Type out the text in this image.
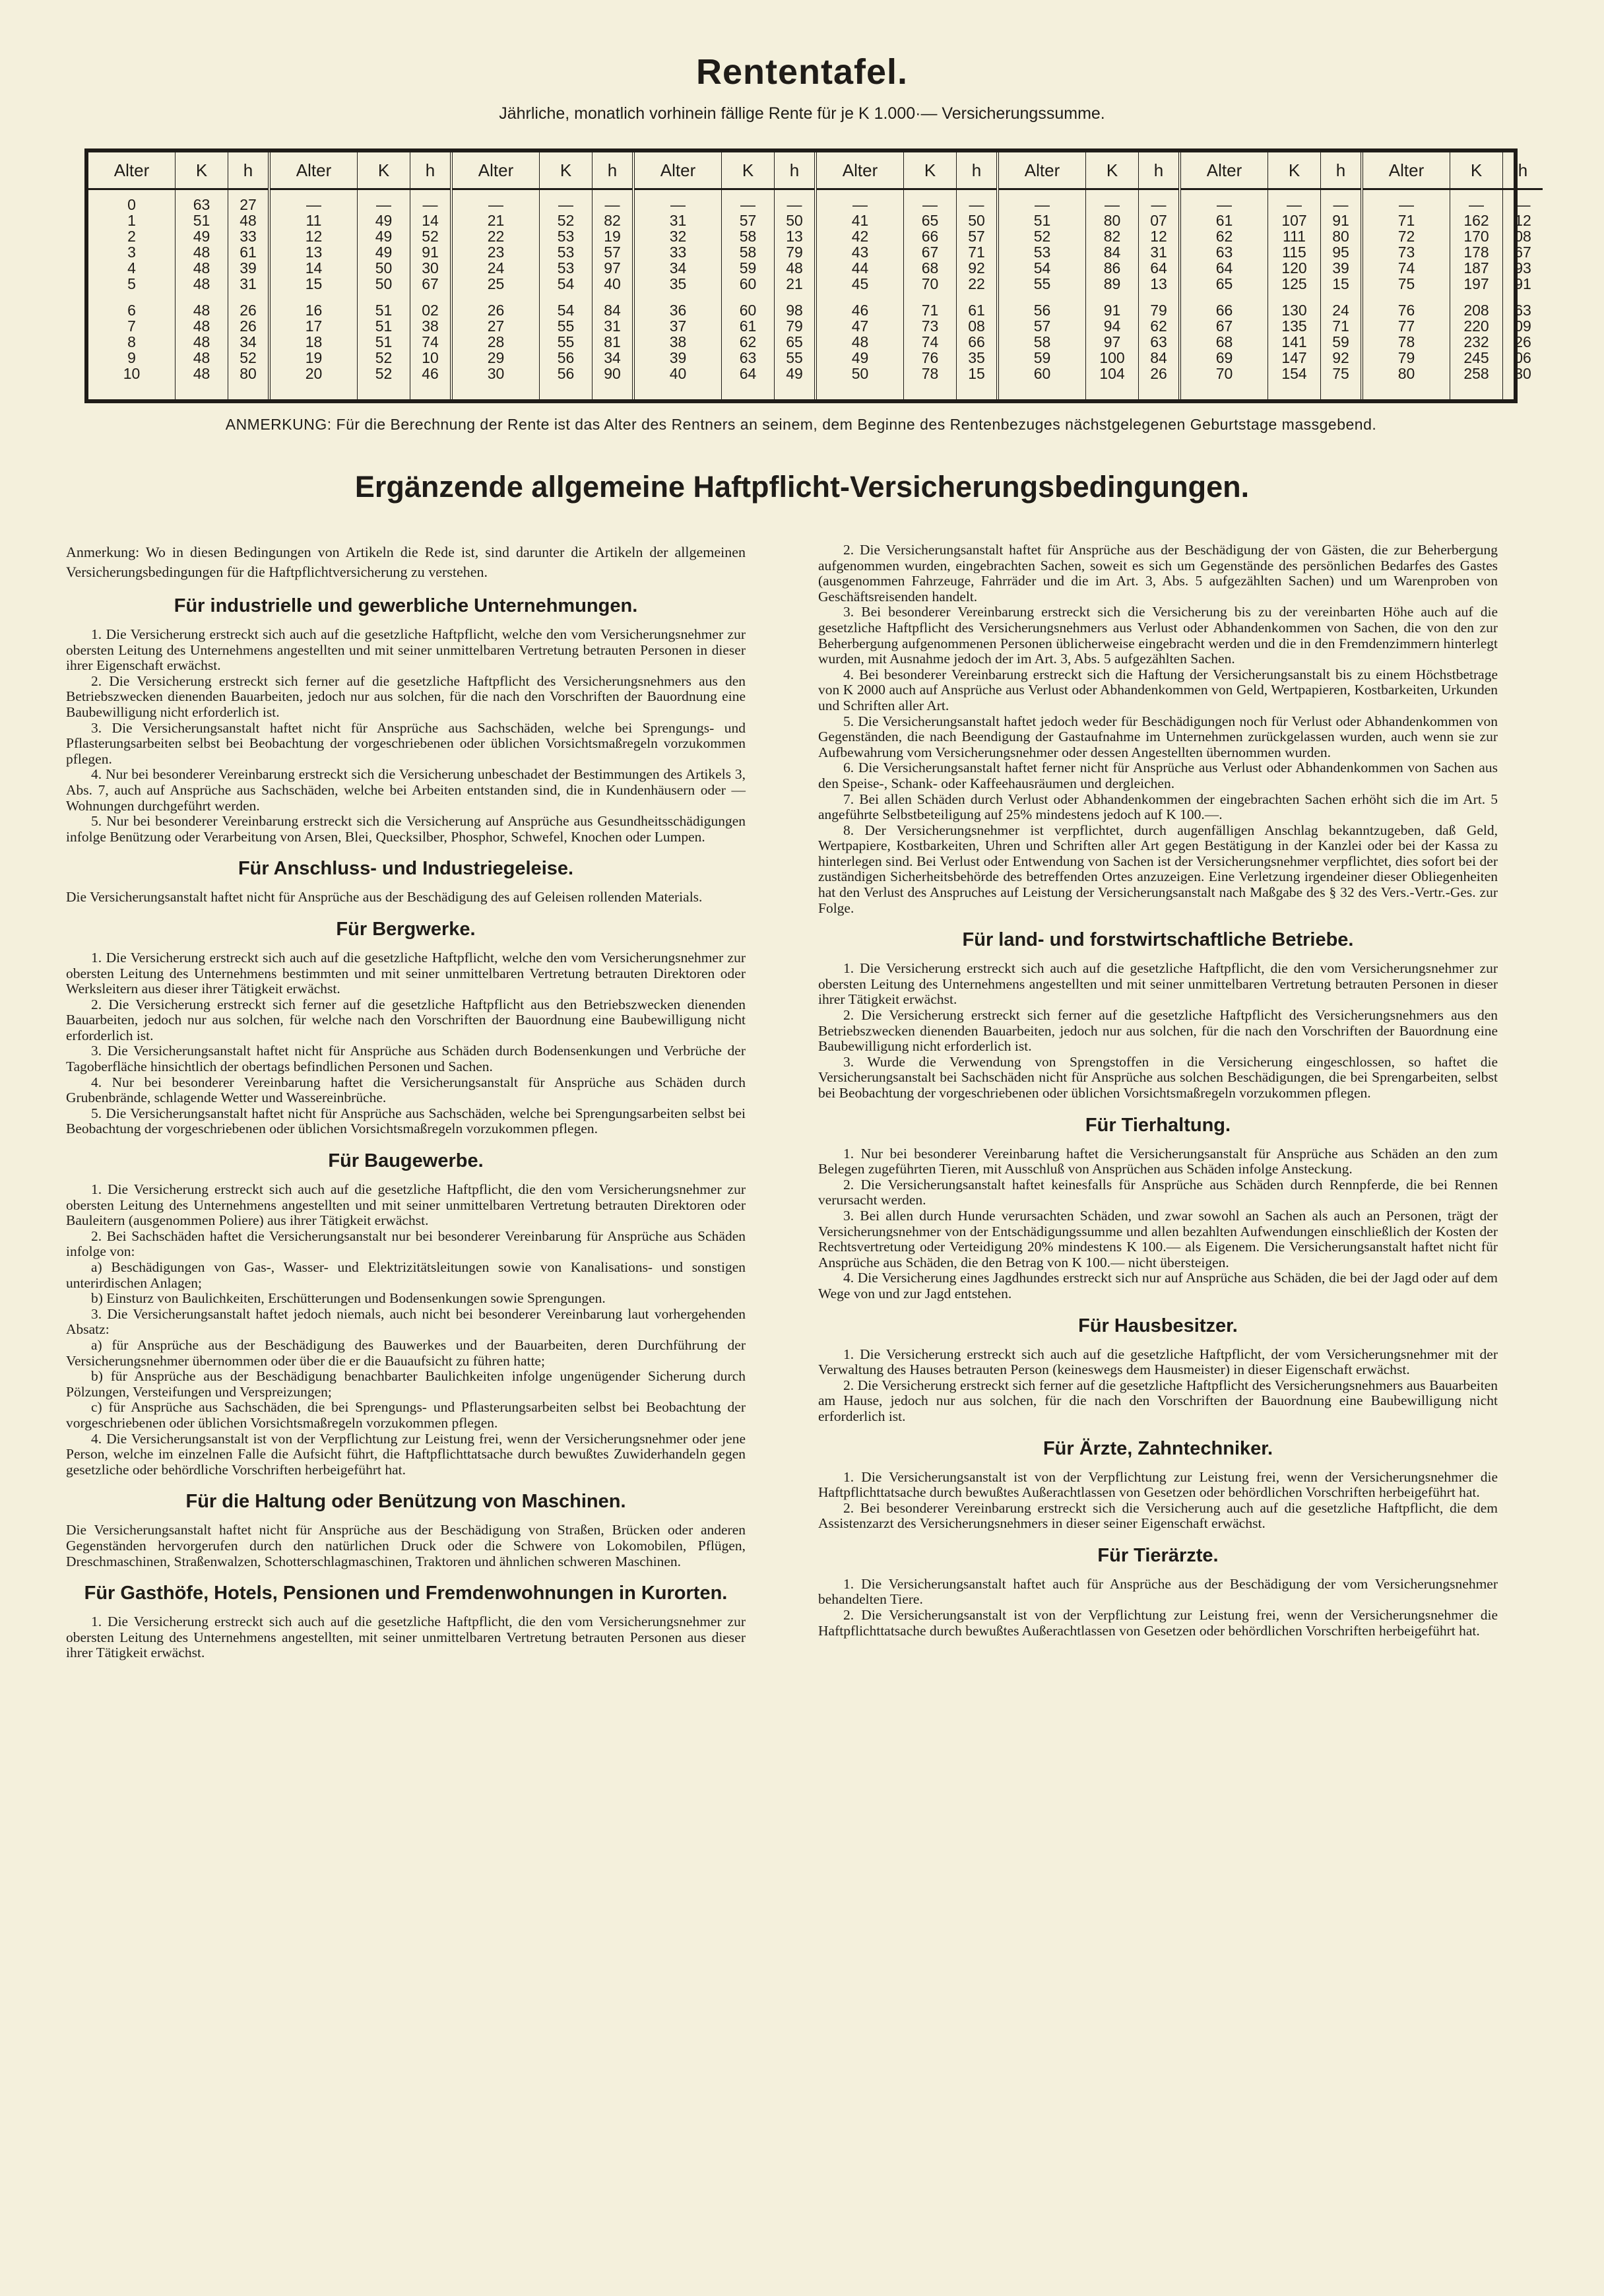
Rententafel.
Jährliche, monatlich vorhinein fällige Rente für je K 1.000·— Versicherungssumme.
Alter
0
1
2
3
4
5
6
7
8
9
10
K
63
51
49
48
48
48
48
48
48
48
48
h
27
48
33
61
39
31
26
26
34
52
80
Alter
—
11
12
13
14
15
16
17
18
19
20
K
—
49
49
49
50
50
51
51
51
52
52
h
—
14
52
91
30
67
02
38
74
10
46
Alter
—
21
22
23
24
25
26
27
28
29
30
K
—
52
53
53
53
54
54
55
55
56
56
h
—
82
19
57
97
40
84
31
81
34
90
Alter
—
31
32
33
34
35
36
37
38
39
40
K
—
57
58
58
59
60
60
61
62
63
64
h
—
50
13
79
48
21
98
79
65
55
49
Alter
—
41
42
43
44
45
46
47
48
49
50
K
—
65
66
67
68
70
71
73
74
76
78
h
—
50
57
71
92
22
61
08
66
35
15
Alter
—
51
52
53
54
55
56
57
58
59
60
K
—
80
82
84
86
89
91
94
97
100
104
h
—
07
12
31
64
13
79
62
63
84
26
Alter
—
61
62
63
64
65
66
67
68
69
70
K
—
107
111
115
120
125
130
135
141
147
154
h
—
91
80
95
39
15
24
71
59
92
75
Alter
—
71
72
73
74
75
76
77
78
79
80
K
—
162
170
178
187
197
208
220
232
245
258
h
—
12
08
67
93
91
63
09
26
06
30
ANMERKUNG: Für die Berechnung der Rente ist das Alter des Rentners an seinem, dem Beginne des Rentenbezuges nächstgelegenen Geburtstage massgebend.
Ergänzende allgemeine Haftpflicht-Versicherungsbedingungen.

Anmerkung: Wo in diesen Bedingungen von Artikeln die Rede ist, sind darunter die Artikeln der allgemeinen Versicherungsbedingungen für die Haftpflichtversicherung zu verstehen.

Für industrielle und gewerbliche Unternehmungen.

1. Die Versicherung erstreckt sich auch auf die gesetzliche Haftpflicht, welche den vom Versicherungsnehmer zur obersten Leitung des Unternehmens angestellten und mit seiner unmittelbaren Vertretung betrauten Personen in dieser ihrer Eigenschaft erwächst.

2. Die Versicherung erstreckt sich ferner auf die gesetzliche Haftpflicht des Versicherungsnehmers aus den Betriebszwecken dienenden Bauarbeiten, jedoch nur aus solchen, für die nach den Vorschriften der Bauordnung eine Baubewilligung nicht erforderlich ist.

3. Die Versicherungsanstalt haftet nicht für Ansprüche aus Sachschäden, welche bei Sprengungs- und Pflasterungsarbeiten selbst bei Beobachtung der vorgeschriebenen oder üblichen Vorsichtsmaßregeln vorzukommen pflegen.

4. Nur bei besonderer Vereinbarung erstreckt sich die Versicherung unbeschadet der Bestimmungen des Artikels 3, Abs. 7, auch auf Ansprüche aus Sachschäden, welche bei Arbeiten entstanden sind, die in Kundenhäusern oder — Wohnungen durchgeführt werden.

5. Nur bei besonderer Vereinbarung erstreckt sich die Versicherung auf Ansprüche aus Gesundheitsschädigungen infolge Benützung oder Verarbeitung von Arsen, Blei, Quecksilber, Phosphor, Schwefel, Knochen oder Lumpen.

Für Anschluss- und Industriegeleise.

Die Versicherungsanstalt haftet nicht für Ansprüche aus der Beschädigung des auf Geleisen rollenden Materials.

Für Bergwerke.

1. Die Versicherung erstreckt sich auch auf die gesetzliche Haftpflicht, welche den vom Versicherungsnehmer zur obersten Leitung des Unternehmens bestimmten und mit seiner unmittelbaren Vertretung betrauten Direktoren oder Werksleitern aus dieser ihrer Tätigkeit erwächst.

2. Die Versicherung erstreckt sich ferner auf die gesetzliche Haftpflicht aus den Betriebszwecken dienenden Bauarbeiten, jedoch nur aus solchen, für welche nach den Vorschriften der Bauordnung eine Baubewilligung nicht erforderlich ist.

3. Die Versicherungsanstalt haftet nicht für Ansprüche aus Schäden durch Bodensenkungen und Verbrüche der Tagoberfläche hinsichtlich der obertags befindlichen Personen und Sachen.

4. Nur bei besonderer Vereinbarung haftet die Versicherungsanstalt für Ansprüche aus Schäden durch Grubenbrände, schlagende Wetter und Wassereinbrüche.

5. Die Versicherungsanstalt haftet nicht für Ansprüche aus Sachschäden, welche bei Sprengungsarbeiten selbst bei Beobachtung der vorgeschriebenen oder üblichen Vorsichtsmaßregeln vorzukommen pflegen.

Für Baugewerbe.

1. Die Versicherung erstreckt sich auch auf die gesetzliche Haftpflicht, die den vom Versicherungsnehmer zur obersten Leitung des Unternehmens angestellten und mit seiner unmittelbaren Vertretung betrauten Direktoren oder Bauleitern (ausgenommen Poliere) aus ihrer Tätigkeit erwächst.

2. Bei Sachschäden haftet die Versicherungsanstalt nur bei besonderer Vereinbarung für Ansprüche aus Schäden infolge von:

a) Beschädigungen von Gas-, Wasser- und Elektrizitätsleitungen sowie von Kanalisations- und sonstigen unterirdischen Anlagen;

b) Einsturz von Baulichkeiten, Erschütterungen und Bodensenkungen sowie Sprengungen.

3. Die Versicherungsanstalt haftet jedoch niemals, auch nicht bei besonderer Vereinbarung laut vorhergehenden Absatz:

a) für Ansprüche aus der Beschädigung des Bauwerkes und der Bauarbeiten, deren Durchführung der Versicherungsnehmer übernommen oder über die er die Bauaufsicht zu führen hatte;

b) für Ansprüche aus der Beschädigung benachbarter Baulichkeiten infolge ungenügender Sicherung durch Pölzungen, Versteifungen und Verspreizungen;

c) für Ansprüche aus Sachschäden, die bei Sprengungs- und Pflasterungsarbeiten selbst bei Beobachtung der vorgeschriebenen oder üblichen Vorsichtsmaßregeln vorzukommen pflegen.

4. Die Versicherungsanstalt ist von der Verpflichtung zur Leistung frei, wenn der Versicherungsnehmer oder jene Person, welche im einzelnen Falle die Aufsicht führt, die Haftpflichttatsache durch bewußtes Zuwiderhandeln gegen gesetzliche oder behördliche Vorschriften herbeigeführt hat.

Für die Haltung oder Benützung von Maschinen.

Die Versicherungsanstalt haftet nicht für Ansprüche aus der Beschädigung von Straßen, Brücken oder anderen Gegenständen hervorgerufen durch den natürlichen Druck oder die Schwere von Lokomobilen, Pflügen, Dreschmaschinen, Straßenwalzen, Schotterschlagmaschinen, Traktoren und ähnlichen schweren Maschinen.

Für Gasthöfe, Hotels, Pensionen und Fremdenwohnungen in Kurorten.

1. Die Versicherung erstreckt sich auch auf die gesetzliche Haftpflicht, die den vom Versicherungsnehmer zur obersten Leitung des Unternehmens angestellten, mit seiner unmittelbaren Vertretung betrauten Personen aus dieser ihrer Tätigkeit erwächst.

2. Die Versicherungsanstalt haftet für Ansprüche aus der Beschädigung der von Gästen, die zur Beherbergung aufgenommen wurden, eingebrachten Sachen, soweit es sich um Gegenstände des persönlichen Bedarfes des Gastes (ausgenommen Fahrzeuge, Fahrräder und die im Art. 3, Abs. 5 aufgezählten Sachen) und um Warenproben von Geschäftsreisenden handelt.

3. Bei besonderer Vereinbarung erstreckt sich die Versicherung bis zu der vereinbarten Höhe auch auf die gesetzliche Haftpflicht des Versicherungsnehmers aus Verlust oder Abhandenkommen von Sachen, die von den zur Beherbergung aufgenommenen Personen üblicherweise eingebracht werden und die in den Fremdenzimmern hinterlegt wurden, mit Ausnahme jedoch der im Art. 3, Abs. 5 aufgezählten Sachen.

4. Bei besonderer Vereinbarung erstreckt sich die Haftung der Versicherungsanstalt bis zu einem Höchstbetrage von K 2000 auch auf Ansprüche aus Verlust oder Abhandenkommen von Geld, Wertpapieren, Kostbarkeiten, Urkunden und Schriften aller Art.

5. Die Versicherungsanstalt haftet jedoch weder für Beschädigungen noch für Verlust oder Abhandenkommen von Gegenständen, die nach Beendigung der Gastaufnahme im Unternehmen zurückgelassen wurden, auch wenn sie zur Aufbewahrung vom Versicherungsnehmer oder dessen Angestellten übernommen wurden.

6. Die Versicherungsanstalt haftet ferner nicht für Ansprüche aus Verlust oder Abhandenkommen von Sachen aus den Speise-, Schank- oder Kaffeehausräumen und dergleichen.

7. Bei allen Schäden durch Verlust oder Abhandenkommen der eingebrachten Sachen erhöht sich die im Art. 5 angeführte Selbstbeteiligung auf 25% mindestens jedoch auf K 100.—.

8. Der Versicherungsnehmer ist verpflichtet, durch augenfälligen Anschlag bekanntzugeben, daß Geld, Wertpapiere, Kostbarkeiten, Uhren und Schriften aller Art gegen Bestätigung in der Kanzlei oder bei der Kassa zu hinterlegen sind. Bei Verlust oder Entwendung von Sachen ist der Versicherungsnehmer verpflichtet, dies sofort bei der zuständigen Sicherheitsbehörde des betreffenden Ortes anzuzeigen. Eine Verletzung irgendeiner dieser Obliegenheiten hat den Verlust des Anspruches auf Leistung der Versicherungsanstalt nach Maßgabe des § 32 des Vers.-Vertr.-Ges. zur Folge.

Für land- und forstwirtschaftliche Betriebe.

1. Die Versicherung erstreckt sich auch auf die gesetzliche Haftpflicht, die den vom Versicherungsnehmer zur obersten Leitung des Unternehmens angestellten und mit seiner unmittelbaren Vertretung betrauten Personen in dieser ihrer Tätigkeit erwächst.

2. Die Versicherung erstreckt sich ferner auf die gesetzliche Haftpflicht des Versicherungsnehmers aus den Betriebszwecken dienenden Bauarbeiten, jedoch nur aus solchen, für die nach den Vorschriften der Bauordnung eine Baubewilligung nicht erforderlich ist.

3. Wurde die Verwendung von Sprengstoffen in die Versicherung eingeschlossen, so haftet die Versicherungsanstalt bei Sachschäden nicht für Ansprüche aus solchen Beschädigungen, die bei Sprengarbeiten, selbst bei Beobachtung der vorgeschriebenen oder üblichen Vorsichtsmaßregeln vorzukommen pflegen.

Für Tierhaltung.

1. Nur bei besonderer Vereinbarung haftet die Versicherungsanstalt für Ansprüche aus Schäden an den zum Belegen zugeführten Tieren, mit Ausschluß von Ansprüchen aus Schäden infolge Ansteckung.

2. Die Versicherungsanstalt haftet keinesfalls für Ansprüche aus Schäden durch Rennpferde, die bei Rennen verursacht werden.

3. Bei allen durch Hunde verursachten Schäden, und zwar sowohl an Sachen als auch an Personen, trägt der Versicherungsnehmer von der Entschädigungssumme und allen bezahlten Aufwendungen einschließlich der Kosten der Rechtsvertretung oder Verteidigung 20% mindestens K 100.— als Eigenem. Die Versicherungsanstalt haftet nicht für Ansprüche aus Schäden, die den Betrag von K 100.— nicht übersteigen.

4. Die Versicherung eines Jagdhundes erstreckt sich nur auf Ansprüche aus Schäden, die bei der Jagd oder auf dem Wege von und zur Jagd entstehen.

Für Hausbesitzer.

1. Die Versicherung erstreckt sich auch auf die gesetzliche Haftpflicht, der vom Versicherungsnehmer mit der Verwaltung des Hauses betrauten Person (keineswegs dem Hausmeister) in dieser Eigenschaft erwächst.

2. Die Versicherung erstreckt sich ferner auf die gesetzliche Haftpflicht des Versicherungsnehmers aus Bauarbeiten am Hause, jedoch nur aus solchen, für die nach den Vorschriften der Bauordnung eine Baubewilligung nicht erforderlich ist.

Für Ärzte, Zahntechniker.

1. Die Versicherungsanstalt ist von der Verpflichtung zur Leistung frei, wenn der Versicherungsnehmer die Haftpflichttatsache durch bewußtes Außerachtlassen von Gesetzen oder behördlichen Vorschriften herbeigeführt hat.

2. Bei besonderer Vereinbarung erstreckt sich die Versicherung auch auf die gesetzliche Haftpflicht, die dem Assistenzarzt des Versicherungsnehmers in dieser seiner Eigenschaft erwächst.

Für Tierärzte.

1. Die Versicherungsanstalt haftet auch für Ansprüche aus der Beschädigung der vom Versicherungsnehmer behandelten Tiere.

2. Die Versicherungsanstalt ist von der Verpflichtung zur Leistung frei, wenn der Versicherungsnehmer die Haftpflichttatsache durch bewußtes Außerachtlassen von Gesetzen oder behördlichen Vorschriften herbeigeführt hat.
